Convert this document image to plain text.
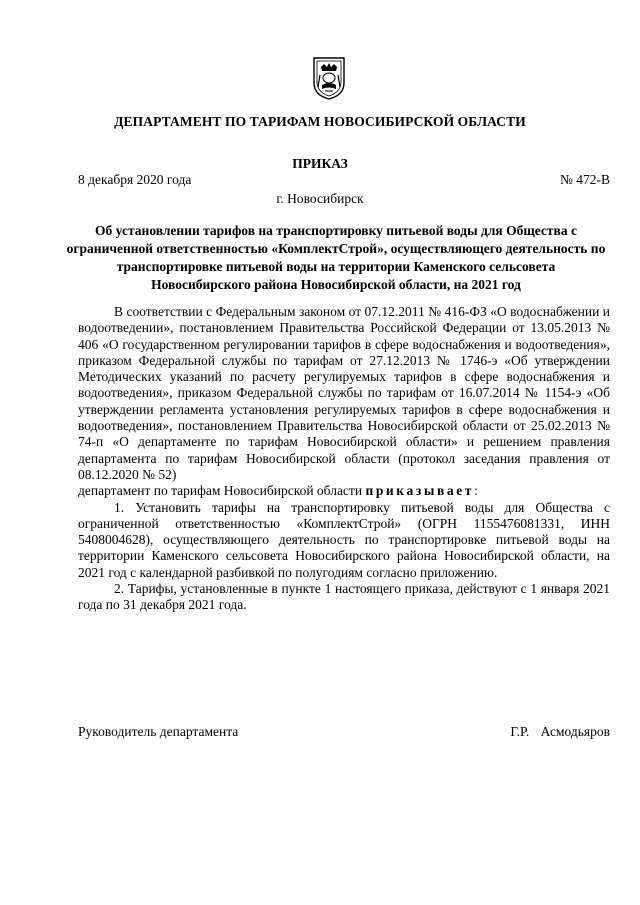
ДЕПАРТАМЕНТ ПО ТАРИФАМ НОВОСИБИРСКОЙ ОБЛАСТИ
ПРИКАЗ
8 декабря 2020 года	№ 472-В
г. Новосибирск
Об установлении тарифов на транспортировку питьевой воды для Общества с ограниченной ответственностью «КомплектСтрой», осуществляющего деятельность по транспортировке питьевой воды на территории Каменского сельсовета Новосибирского района Новосибирской области, на 2021 год

В соответствии с Федеральным законом от 07.12.2011 № 416-ФЗ «О водоснабжении и водоотведении», постановлением Правительства Российской Федерации от 13.05.2013 № 406 «О государственном регулировании тарифов в сфере водоснабжения и водоотведения», приказом Федеральной службы по тарифам от 27.12.2013 № 1746-э «Об утверждении Методических указаний по расчету регулируемых тарифов в сфере водоснабжения и водоотведения», приказом Федеральной службы по тарифам от 16.07.2014 № 1154-э «Об утверждении регламента установления регулируемых тарифов в сфере водоснабжения и водоотведения», постановлением Правительства Новосибирской области от 25.02.2013 № 74-п «О департаменте по тарифам Новосибирской области» и решением правления департамента по тарифам Новосибирской области (протокол заседания правления от 08.12.2020 № 52)

департамент по тарифам Новосибирской области приказывает:

1. Установить тарифы на транспортировку питьевой воды для Общества с ограниченной ответственностью «КомплектСтрой» (ОГРН 1155476081331, ИНН 5408004628), осуществляющего деятельность по транспортировке питьевой воды на территории Каменского сельсовета Новосибирского района Новосибирской области, на 2021 год с календарной разбивкой по полугодиям согласно приложению.

2. Тарифы, установленные в пункте 1 настоящего приказа, действуют с 1 января 2021 года по 31 декабря 2021 года.

Руководитель департамента	Г.Р. Асмодьяров
